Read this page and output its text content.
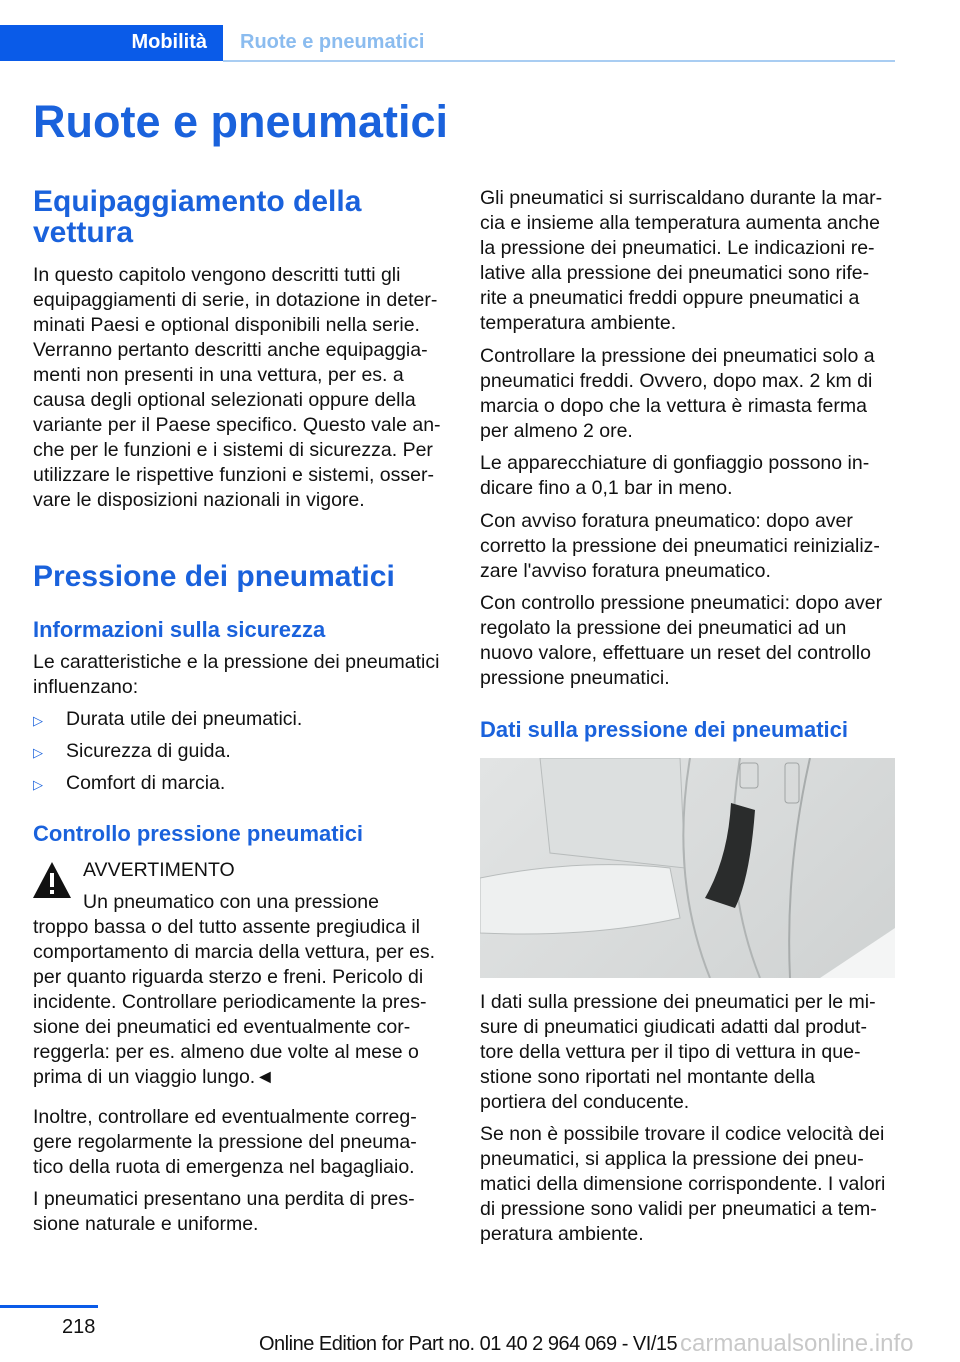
Mobilità Ruote e pneumatici
Ruote e pneumatici
Equipaggiamento della
vettura
In questo capitolo vengono descritti tutti gli
equipaggiamenti di serie, in dotazione in deter-
minati Paesi e optional disponibili nella serie.
Verranno pertanto descritti anche equipaggia-
menti non presenti in una vettura, per es. a
causa degli optional selezionati oppure della
variante per il Paese specifico. Questo vale an-
che per le funzioni e i sistemi di sicurezza. Per
utilizzare le rispettive funzioni e sistemi, osser-
vare le disposizioni nazionali in vigore.
Pressione dei pneumatici
Informazioni sulla sicurezza
Le caratteristiche e la pressione dei pneumatici
influenzano:
▷ Durata utile dei pneumatici.
▷ Sicurezza di guida.
▷ Comfort di marcia.
Controllo pressione pneumatici
AVVERTIMENTO
Un pneumatico con una pressione
troppo bassa o del tutto assente pregiudica il
comportamento di marcia della vettura, per es.
per quanto riguarda sterzo e freni. Pericolo di
incidente. Controllare periodicamente la pres-
sione dei pneumatici ed eventualmente cor-
reggerla: per es. almeno due volte al mese o
prima di un viaggio lungo.◄
Inoltre, controllare ed eventualmente correg-
gere regolarmente la pressione del pneuma-
tico della ruota di emergenza nel bagagliaio.
I pneumatici presentano una perdita di pres-
sione naturale e uniforme.
Gli pneumatici si surriscaldano durante la mar-
cia e insieme alla temperatura aumenta anche
la pressione dei pneumatici. Le indicazioni re-
lative alla pressione dei pneumatici sono rife-
rite a pneumatici freddi oppure pneumatici a
temperatura ambiente.
Controllare la pressione dei pneumatici solo a
pneumatici freddi. Ovvero, dopo max. 2 km di
marcia o dopo che la vettura è rimasta ferma
per almeno 2 ore.
Le apparecchiature di gonfiaggio possono in-
dicare fino a 0,1 bar in meno.
Con avviso foratura pneumatico: dopo aver
corretto la pressione dei pneumatici reinizializ-
zare l'avviso foratura pneumatico.
Con controllo pressione pneumatici: dopo aver
regolato la pressione dei pneumatici ad un
nuovo valore, effettuare un reset del controllo
pressione pneumatici.
Dati sulla pressione dei pneumatici
I dati sulla pressione dei pneumatici per le mi-
sure di pneumatici giudicati adatti dal produt-
tore della vettura per il tipo di vettura in que-
stione sono riportati nel montante della
portiera del conducente.
Se non è possibile trovare il codice velocità dei
pneumatici, si applica la pressione dei pneu-
matici della dimensione corrispondente. I valori
di pressione sono validi per pneumatici a tem-
peratura ambiente.
218
Online Edition for Part no. 01 40 2 964 069 - VI/15 carmanualsonline.info
